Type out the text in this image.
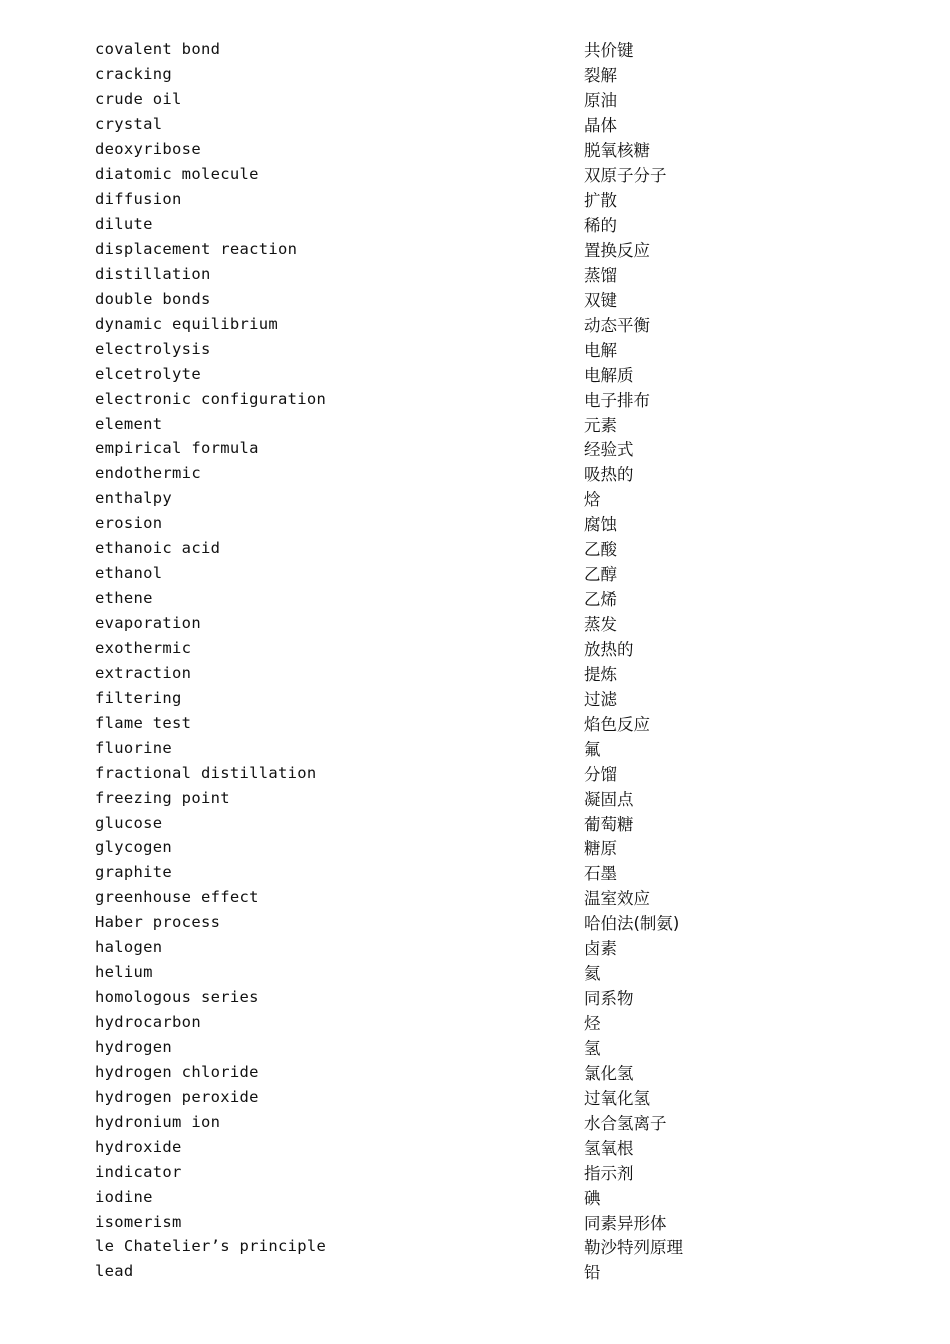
covalent bond	共价键
cracking	裂解
crude oil	原油
crystal	晶体
deoxyribose	脱氧核糖
diatomic molecule	双原子分子
diffusion	扩散
dilute	稀的
displacement reaction	置换反应
distillation	蒸馏
double bonds	双键
dynamic equilibrium	动态平衡
electrolysis	电解
elcetrolyte	电解质
electronic configuration	电子排布
element	元素
empirical formula	经验式
endothermic	吸热的
enthalpy	焓
erosion	腐蚀
ethanoic acid	乙酸
ethanol	乙醇
ethene	乙烯
evaporation	蒸发
exothermic	放热的
extraction	提炼
filtering	过滤
flame test	焰色反应
fluorine	氟
fractional distillation	分馏
freezing point	凝固点
glucose	葡萄糖
glycogen	糖原
graphite	石墨
greenhouse effect	温室效应
Haber process	哈伯法(制氨)
halogen	卤素
helium	氦
homologous series	同系物
hydrocarbon	烃
hydrogen	氢
hydrogen chloride	氯化氢
hydrogen peroxide	过氧化氢
hydronium ion	水合氢离子
hydroxide	氢氧根
indicator	指示剂
iodine	碘
isomerism	同素异形体
le Chatelier’s principle	勒沙特列原理
lead	铅
